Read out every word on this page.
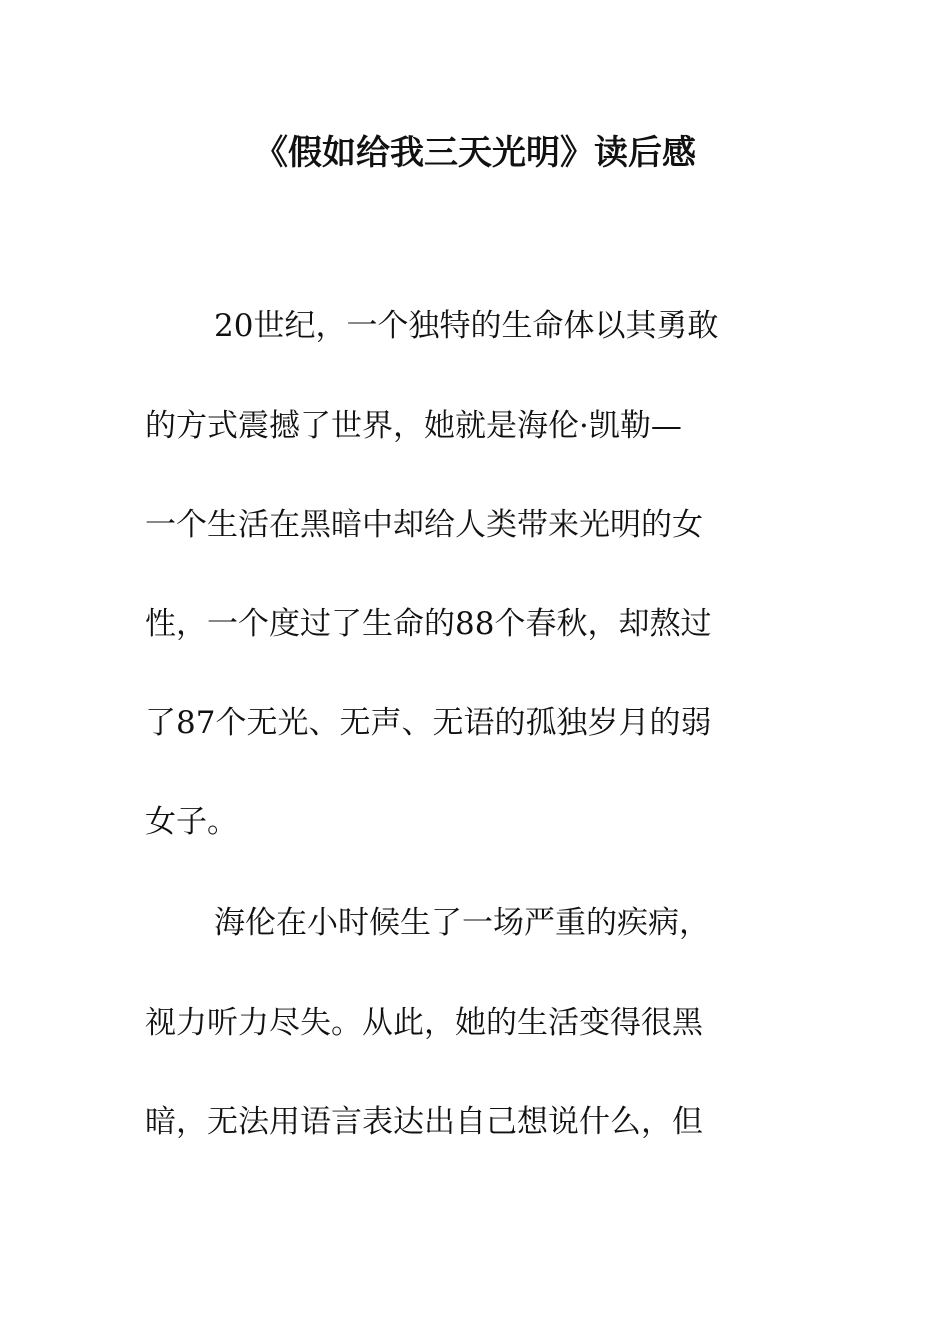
《假如给我三天光明》读后感
20世纪，一个独特的生命体以其勇敢
的方式震撼了世界，她就是海伦·凯勒—
一个生活在黑暗中却给人类带来光明的女
性，一个度过了生命的88个春秋，却熬过
了87个无光、无声、无语的孤独岁月的弱
女子。
海伦在小时候生了一场严重的疾病，
视力听力尽失。从此，她的生活变得很黑
暗，无法用语言表达出自己想说什么，但
